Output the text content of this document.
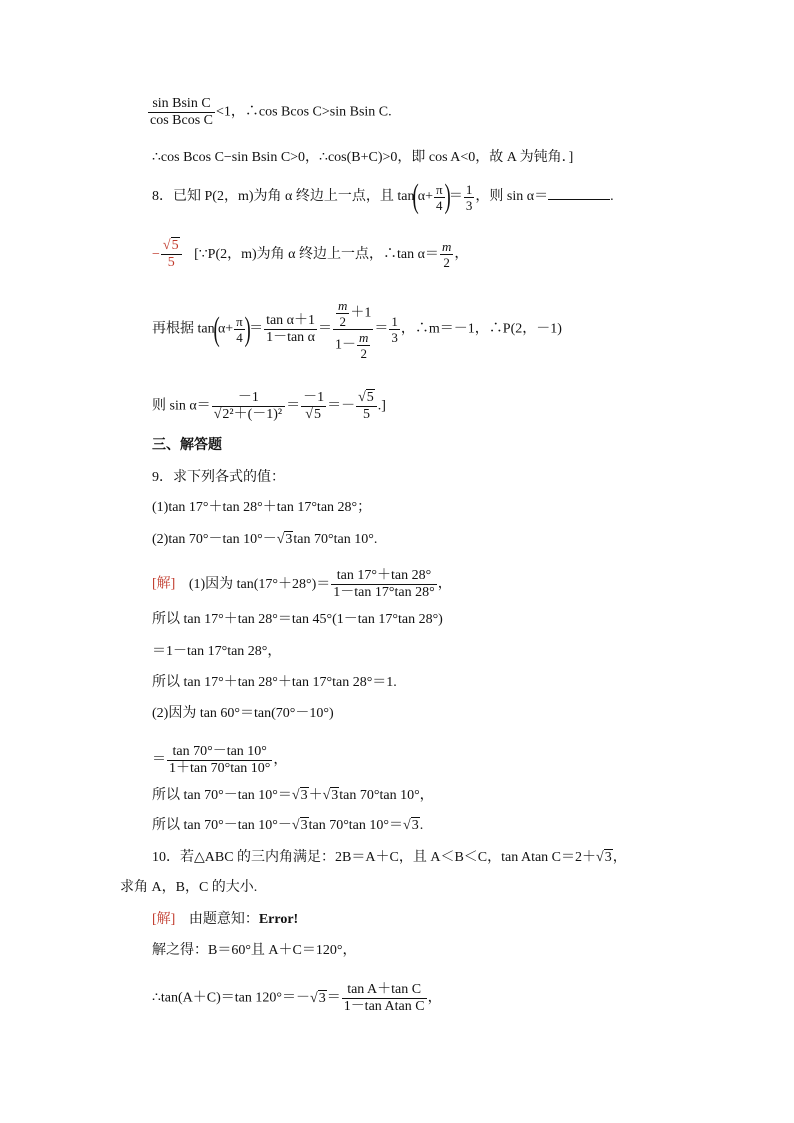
$\frac{\text{sin Bsin C}}{\text{cos Bcos C}} <1$，∴cos Bcos C>sin Bsin C.
∴cos Bcos C−sin Bsin C>0，∴cos(B+C)>0，即 cos A<0，故 A 为钝角．]
8．已知 P(2，m)为角 α 终边上一点，且 $\tan(\alpha+ \frac{\pi}{4}$ )＝ $\frac{1}{3}$ ，则 sin α＝	.
− $\frac{√5}{5}$ [∵P(2，m)为角 α 终边上一点，∴tan $\alpha= \frac{m}{2}$ ，
再根据 $\tan(\alpha+ \frac{\pi}{4}$ )＝ $\frac{\text{tan α＋1}}{\text{1－tan α}} = \frac{\frac{m}{2} +1}{1- \frac{m}{2}} = \frac{1}{3}$ ，∴m＝－1，∴P(2，－1)
则 $\sin \alpha= \frac{-1}{\text{√2²＋(－1)²}} = \frac{-1}{√5} =- \frac{√5}{5}$ .]
三、解答题
9．求下列各式的值：
(1)tan 17°＋tan 28°＋tan 17°tan 28°；
(2)tan 70°－tan 10°－√3tan 70°tan 10°.
[解] (1)因为 $\tan(17^\circ+28^\circ)= \frac{\tan 17^\circ+\tan 28^\circ}{1-\tan 17^\circ\tan 28^\circ}$ ，
所以 tan 17°＋tan 28°＝tan 45°(1－tan 17°tan 28°)
＝1－tan 17°tan 28°，
所以 tan 17°＋tan 28°＋tan 17°tan 28°＝1.
(2)因为 tan 60°＝tan(70°－10°)
＝ $\frac{\tan 70^\circ-\tan 10^\circ}{1+\tan 70^\circ\tan 10^\circ}$ ，
所以 tan 70°－tan 10°＝√3＋√3tan 70°tan 10°，
所以 tan 70°－tan 10°－√3tan 70°tan 10°＝√3.
10．若△ABC 的三内角满足：2B＝A＋C，且 A＜B＜C，tan Atan C＝2＋√3，
求角 A，B，C 的大小.
[解] 由题意知：Error!
解之得：B＝60°且 A＋C＝120°，
∴tan(A＋C)＝tan $120^\circ=-√3= \frac{\text{tan A＋tan C}}{\text{1－tan Atan C}}$ ，
